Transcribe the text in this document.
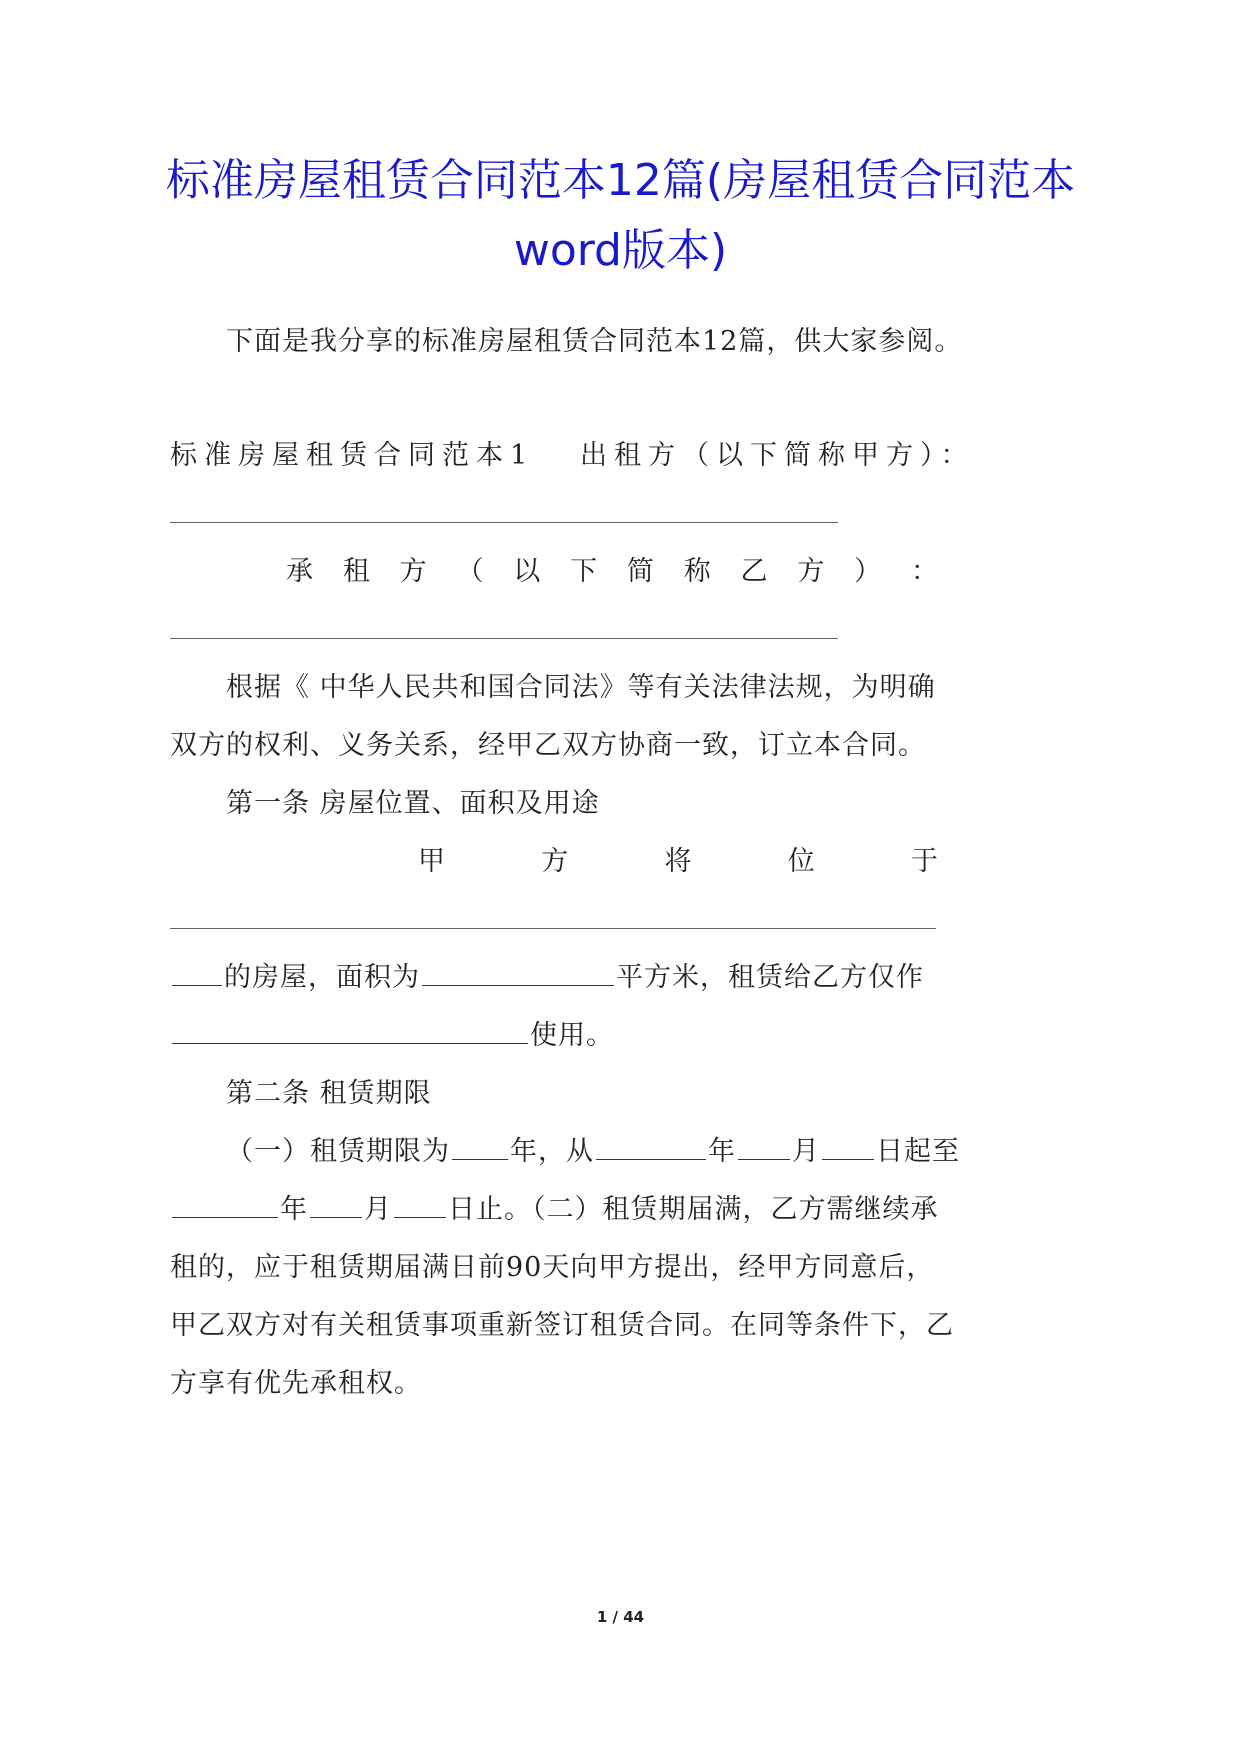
标准房屋租赁合同范本12篇(房屋租赁合同范本word版本)
下面是我分享的标准房屋租赁合同范本12篇，供大家参阅。
标准房屋租赁合同范本1 出租方（以下简称甲方）：
承 租 方 （ 以 下 简 称 乙 方 ） ：
根据《 中华人民共和国合同法》等有关法律法规，为明确
双方的权利、义务关系，经甲乙双方协商一致，订立本合同。
第一条 房屋位置、面积及用途
甲	方	将	位	于
的房屋，面积为	平方米，租赁给乙方仅作
使用。
第二条 租赁期限
（一）租赁期限为 年，从	年 月 日起至
年 月 日止。（二）租赁期届满，乙方需继续承
租的，应于租赁期届满日前90天向甲方提出，经甲方同意后，
甲乙双方对有关租赁事项重新签订租赁合同。在同等条件下，乙
方享有优先承租权。
1 / 44
